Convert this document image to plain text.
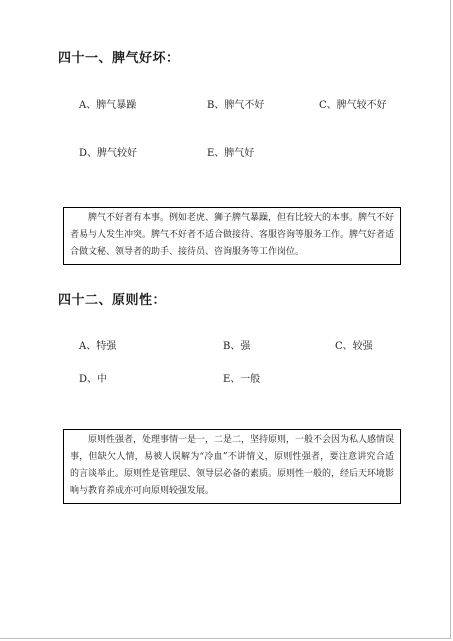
四十一、脾气好坏：
A、脾气暴躁	B、脾气不好	C、脾气较不好
D、脾气较好	E、脾气好
脾气不好者有本事。例如老虎、狮子脾气暴躁，但有比较大的本事。脾气不好者易与人发生冲突。脾气不好者不适合做接待、客服咨询等服务工作。脾气好者适合做文秘、领导者的助手、接待员、咨询服务等工作岗位。
四十二、原则性：
A、特强	B、强	C、较强
D、中	E、一般
原则性强者，处理事情一是一，二是二，坚持原则，一般不会因为私人感情误事，但缺欠人情，易被人误解为“冷血”不讲情义，原则性强者，要注意讲究合适的言谈举止。原则性是管理层、领导层必备的素质。原则性一般的，经后天环境影响与教育养成亦可向原则较强发展。
